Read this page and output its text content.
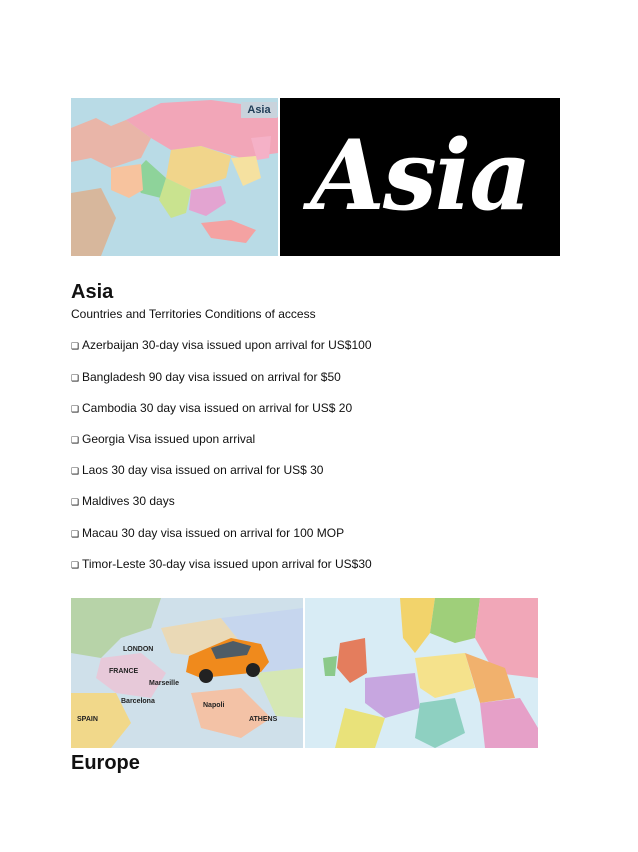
Asia
Asia
Asia
Countries and Territories Conditions of access
❑ Azerbaijan 30-day visa issued upon arrival for US$100
❑ Bangladesh 90 day visa issued on arrival for $50
❑ Cambodia 30 day visa issued on arrival for US$ 20
❑ Georgia Visa issued upon arrival
❑ Laos 30 day visa issued on arrival for US$ 30
❑ Maldives 30 days
❑ Macau 30 day visa issued on arrival for 100 MOP
❑ Timor-Leste 30-day visa issued upon arrival for US$30
LONDON
FRANCE
SPAIN
Barcelona
ATHENS
Napoli
Marseille
Europe
